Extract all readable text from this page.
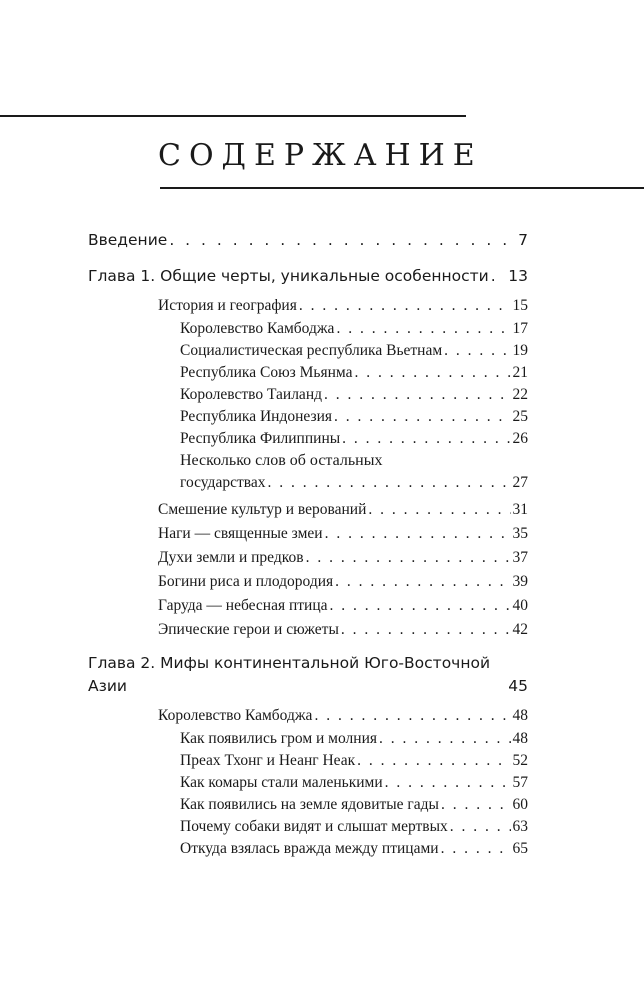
СОДЕРЖАНИЕ
Введение . . .	7
Глава 1. Общие черты, уникальные особенности . . . 13
История и география . . .	15
Королевство Камбоджа . . .	17
Социалистическая республика Вьетнам . . .	19
Республика Союз Мьянма . . .	21
Королевство Таиланд . . .	22
Республика Индонезия . . .	25
Республика Филиппины . . .	26
Несколько слов об остальных
государствах . . .	27
Смешение культур и верований . . .	31
Наги — священные змеи . . .	35
Духи земли и предков . . .	37
Богини риса и плодородия . . .	39
Гаруда — небесная птица . . .	40
Эпические герои и сюжеты . . .	42
Глава 2. Мифы континентальной Юго-Восточной
Азии	45
Королевство Камбоджа . . .	48
Как появились гром и молния . . .	48
Преах Тхонг и Неанг Неак . . .	52
Как комары стали маленькими . . .	57
Как появились на земле ядовитые гады . . .	60
Почему собаки видят и слышат мертвых . . .	63
Откуда взялась вражда между птицами . . .	65
